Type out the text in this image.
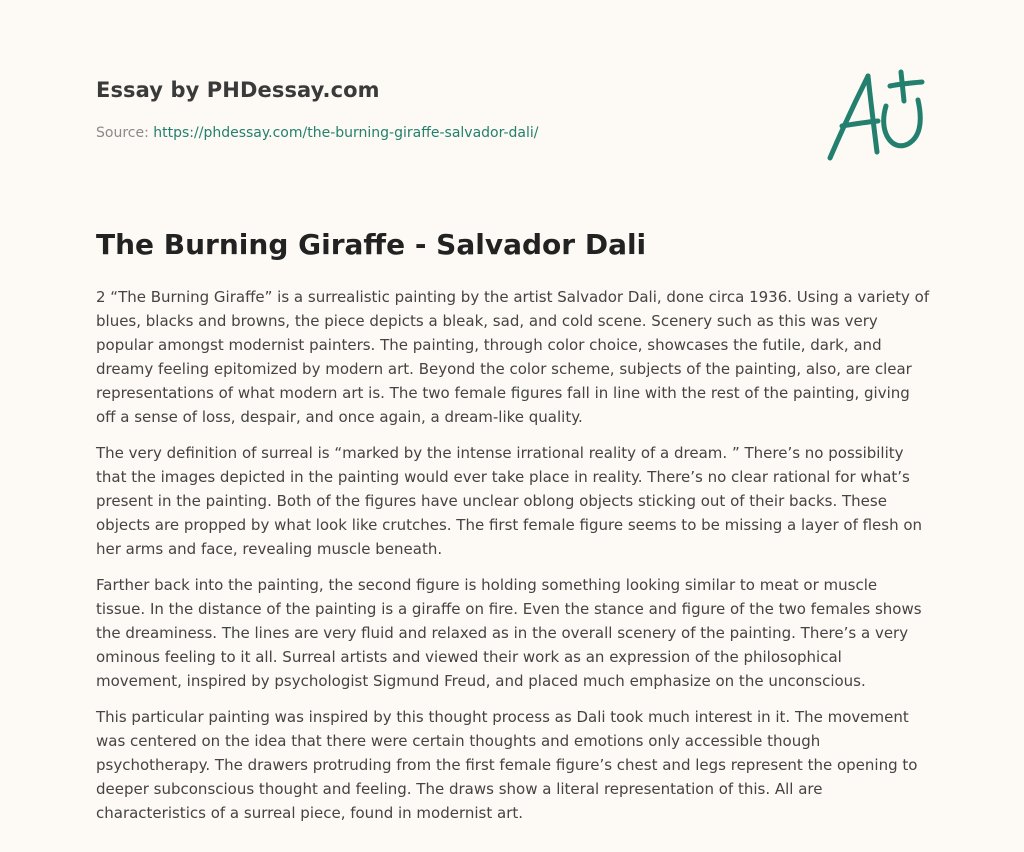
Essay by PHDessay.com
Source: https://phdessay.com/the-burning-giraffe-salvador-dali/
The Burning Giraffe - Salvador Dali

2 “The Burning Giraffe” is a surrealistic painting by the artist Salvador Dali, done circa 1936. Using a variety of blues, blacks and browns, the piece depicts a bleak, sad, and cold scene. Scenery such as this was very popular amongst modernist painters. The painting, through color choice, showcases the futile, dark, and dreamy feeling epitomized by modern art. Beyond the color scheme, subjects of the painting, also, are clear representations of what modern art is. The two female figures fall in line with the rest of the painting, giving off a sense of loss, despair, and once again, a dream-like quality.

The very definition of surreal is “marked by the intense irrational reality of a dream. ” There’s no possibility that the images depicted in the painting would ever take place in reality. There’s no clear rational for what’s present in the painting. Both of the figures have unclear oblong objects sticking out of their backs. These objects are propped by what look like crutches. The first female figure seems to be missing a layer of flesh on her arms and face, revealing muscle beneath.

Farther back into the painting, the second figure is holding something looking similar to meat or muscle tissue. In the distance of the painting is a giraffe on fire. Even the stance and figure of the two females shows the dreaminess. The lines are very fluid and relaxed as in the overall scenery of the painting. There’s a very ominous feeling to it all. Surreal artists and viewed their work as an expression of the philosophical movement, inspired by psychologist Sigmund Freud, and placed much emphasize on the unconscious.

This particular painting was inspired by this thought process as Dali took much interest in it. The movement was centered on the idea that there were certain thoughts and emotions only accessible though psychotherapy. The drawers protruding from the first female figure’s chest and legs represent the opening to deeper subconscious thought and feeling. The draws show a literal representation of this. All are characteristics of a surreal piece, found in modernist art.
